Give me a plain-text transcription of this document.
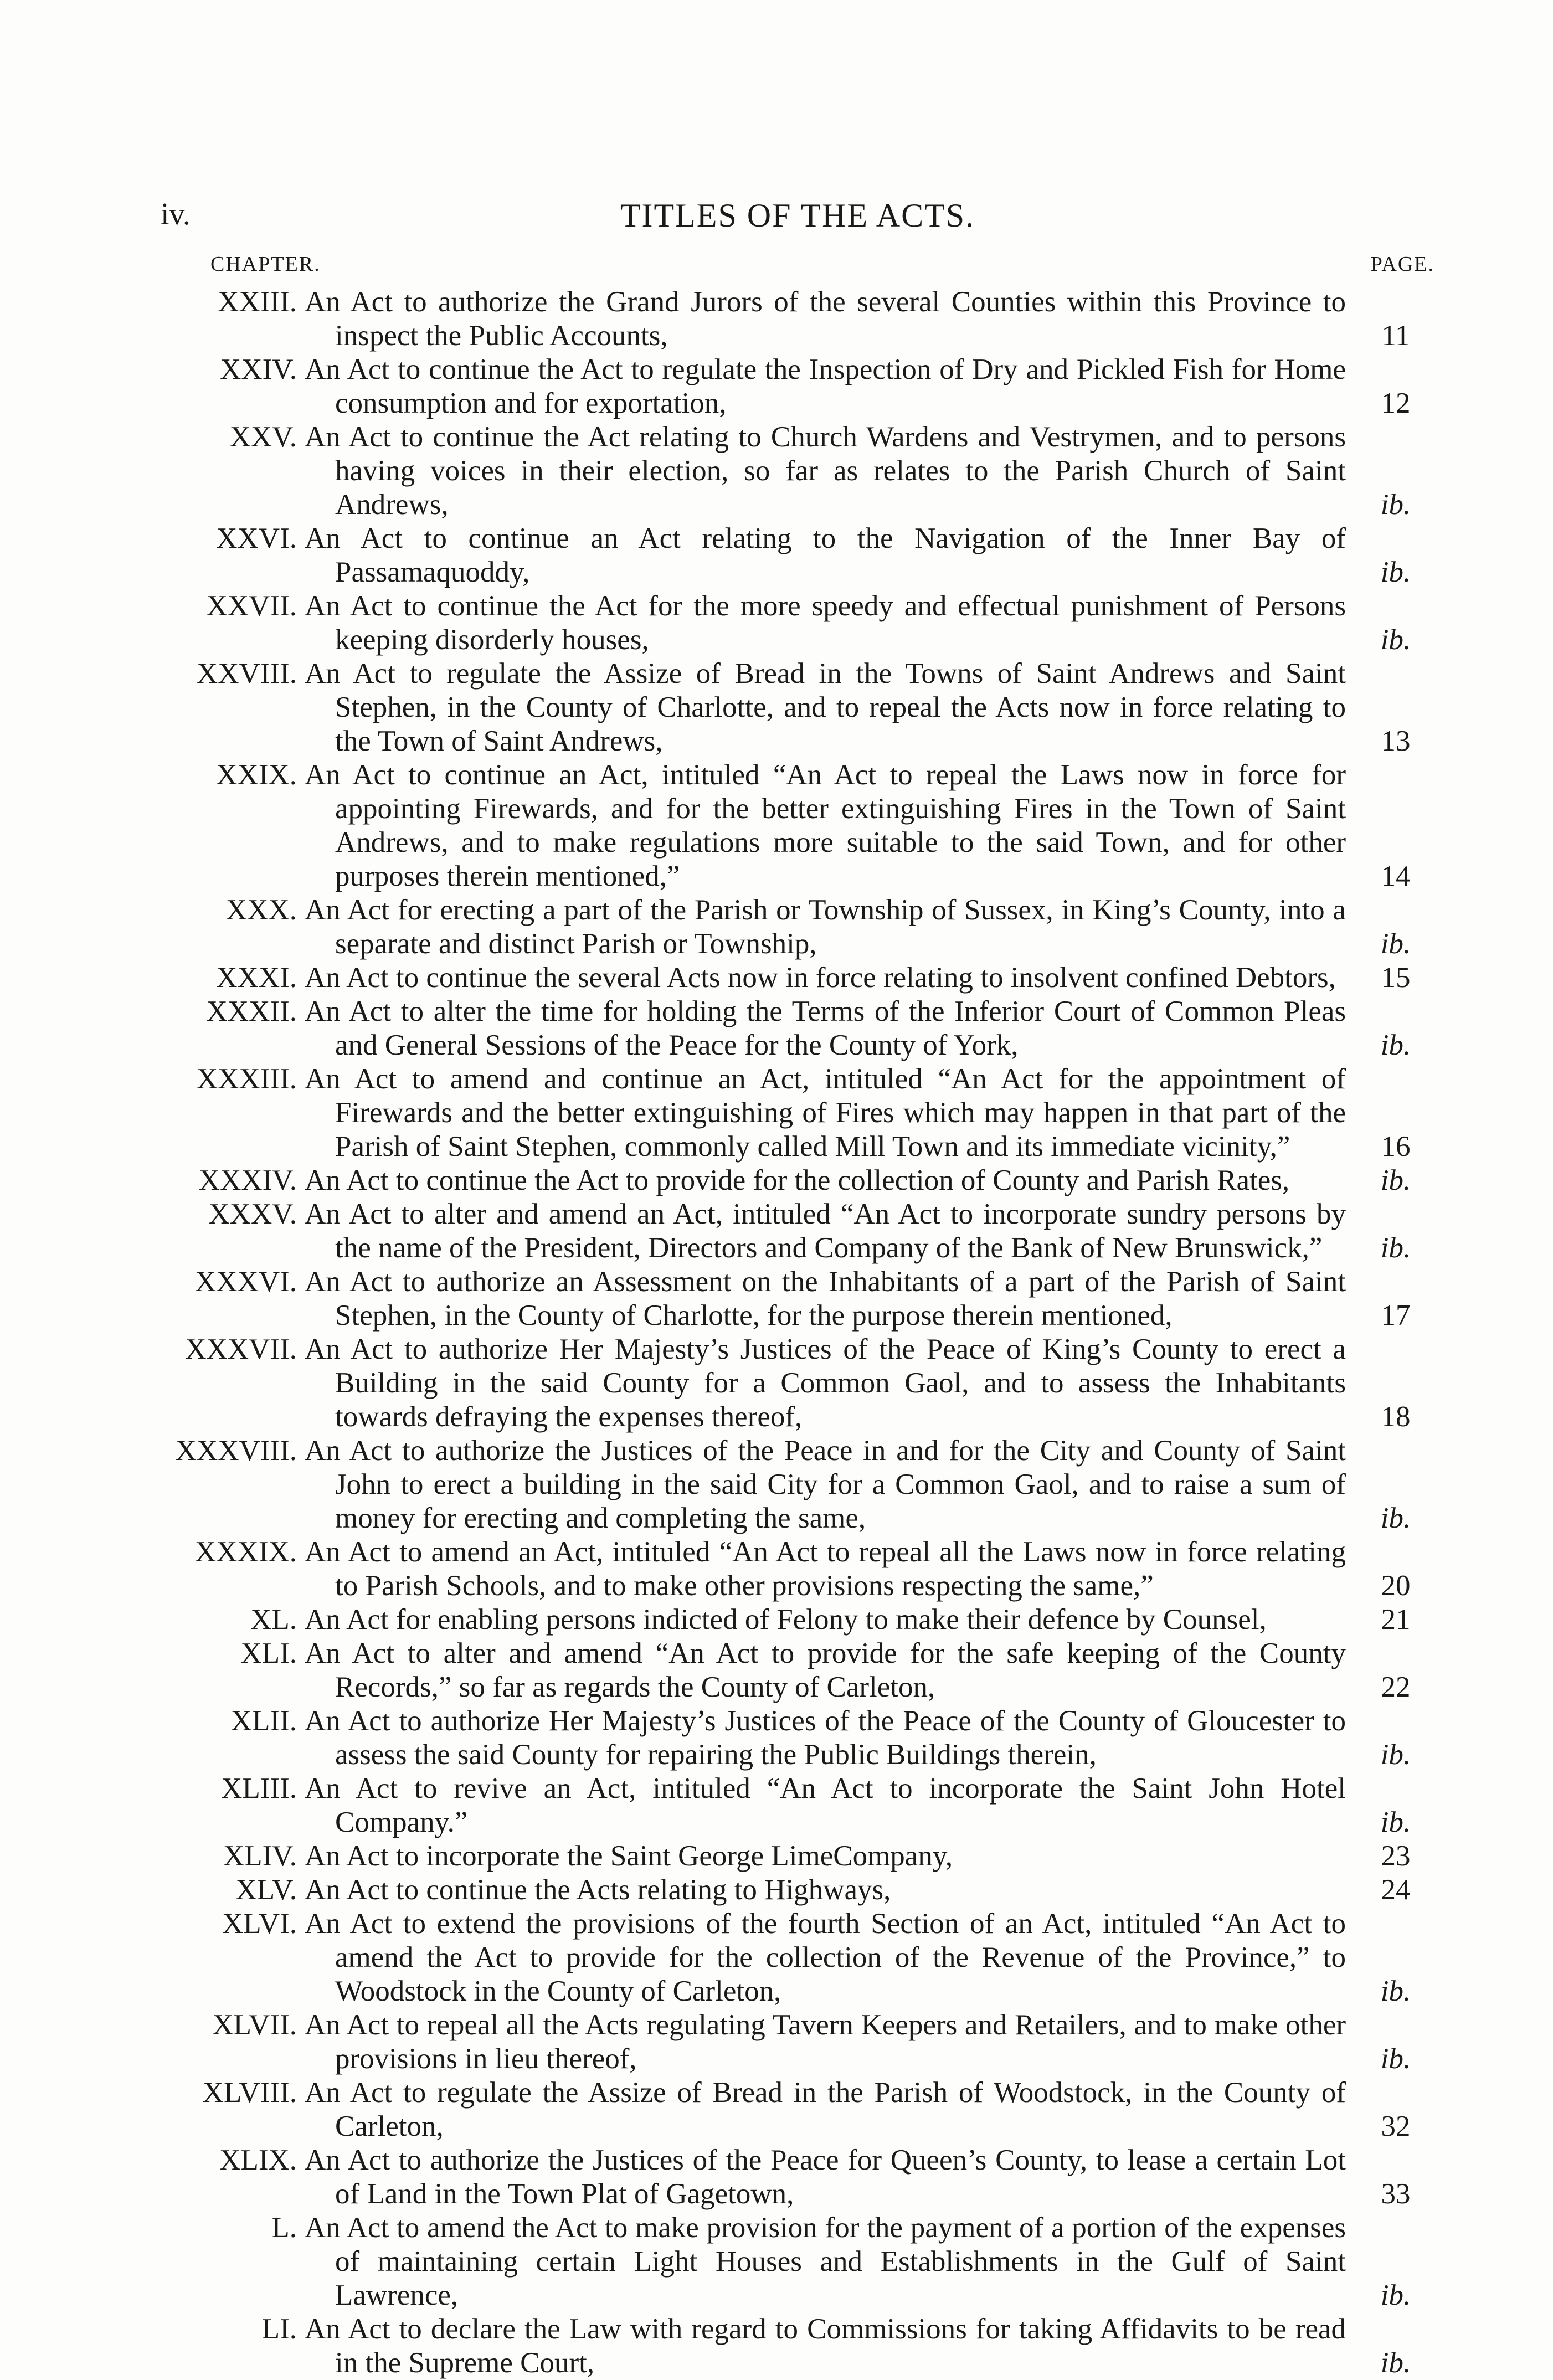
iv.	TITLES OF THE ACTS.
CHAPTER.	PAGE.
XXIII. An Act to authorize the Grand Jurors of the several Counties within this Province to inspect the Public Accounts,	11
XXIV. An Act to continue the Act to regulate the Inspection of Dry and Pickled Fish for Home consumption and for exportation,	12
XXV. An Act to continue the Act relating to Church Wardens and Vestrymen, and to persons having voices in their election, so far as relates to the Parish Church of Saint Andrews,	ib.
XXVI. An Act to continue an Act relating to the Navigation of the Inner Bay of Passamaquoddy,	ib.
XXVII. An Act to continue the Act for the more speedy and effectual punishment of Persons keeping disorderly houses,	ib.
XXVIII. An Act to regulate the Assize of Bread in the Towns of Saint Andrews and Saint Stephen, in the County of Charlotte, and to repeal the Acts now in force relating to the Town of Saint Andrews,	13
XXIX. An Act to continue an Act, intituled “An Act to repeal the Laws now in force for appointing Firewards, and for the better extinguishing Fires in the Town of Saint Andrews, and to make regulations more suitable to the said Town, and for other purposes therein mentioned,”	14
XXX. An Act for erecting a part of the Parish or Township of Sussex, in King’s County, into a separate and distinct Parish or Township,	ib.
XXXI. An Act to continue the several Acts now in force relating to insolvent confined Debtors,	15
XXXII. An Act to alter the time for holding the Terms of the Inferior Court of Common Pleas and General Sessions of the Peace for the County of York,	ib.
XXXIII. An Act to amend and continue an Act, intituled “An Act for the appointment of Firewards and the better extinguishing of Fires which may happen in that part of the Parish of Saint Stephen, commonly called Mill Town and its immediate vicinity,”	16
XXXIV. An Act to continue the Act to provide for the collection of County and Parish Rates,	ib.
XXXV. An Act to alter and amend an Act, intituled “An Act to incorporate sundry persons by the name of the President, Directors and Company of the Bank of New Brunswick,”	ib.
XXXVI. An Act to authorize an Assessment on the Inhabitants of a part of the Parish of Saint Stephen, in the County of Charlotte, for the purpose therein mentioned,	17
XXXVII. An Act to authorize Her Majesty’s Justices of the Peace of King’s County to erect a Building in the said County for a Common Gaol, and to assess the Inhabitants towards defraying the expenses thereof,	18
XXXVIII. An Act to authorize the Justices of the Peace in and for the City and County of Saint John to erect a building in the said City for a Common Gaol, and to raise a sum of money for erecting and completing the same,	ib.
XXXIX. An Act to amend an Act, intituled “An Act to repeal all the Laws now in force relating to Parish Schools, and to make other provisions respecting the same,”	20
XL. An Act for enabling persons indicted of Felony to make their defence by Counsel,	21
XLI. An Act to alter and amend “An Act to provide for the safe keeping of the County Records,” so far as regards the County of Carleton,	22
XLII. An Act to authorize Her Majesty’s Justices of the Peace of the County of Gloucester to assess the said County for repairing the Public Buildings therein,	ib.
XLIII. An Act to revive an Act, intituled “An Act to incorporate the Saint John Hotel Company.”	ib.
XLIV. An Act to incorporate the Saint George LimeCompany,	23
XLV. An Act to continue the Acts relating to Highways,	24
XLVI. An Act to extend the provisions of the fourth Section of an Act, intituled “An Act to amend the Act to provide for the collection of the Revenue of the Province,” to Woodstock in the County of Carleton,	ib.
XLVII. An Act to repeal all the Acts regulating Tavern Keepers and Retailers, and to make other provisions in lieu thereof,	ib.
XLVIII. An Act to regulate the Assize of Bread in the Parish of Woodstock, in the County of Carleton,	32
XLIX. An Act to authorize the Justices of the Peace for Queen’s County, to lease a certain Lot of Land in the Town Plat of Gagetown,	33
L. An Act to amend the Act to make provision for the payment of a portion of the expenses of maintaining certain Light Houses and Establishments in the Gulf of Saint Lawrence,	ib.
LI. An Act to declare the Law with regard to Commissions for taking Affidavits to be read in the Supreme Court,	ib.
